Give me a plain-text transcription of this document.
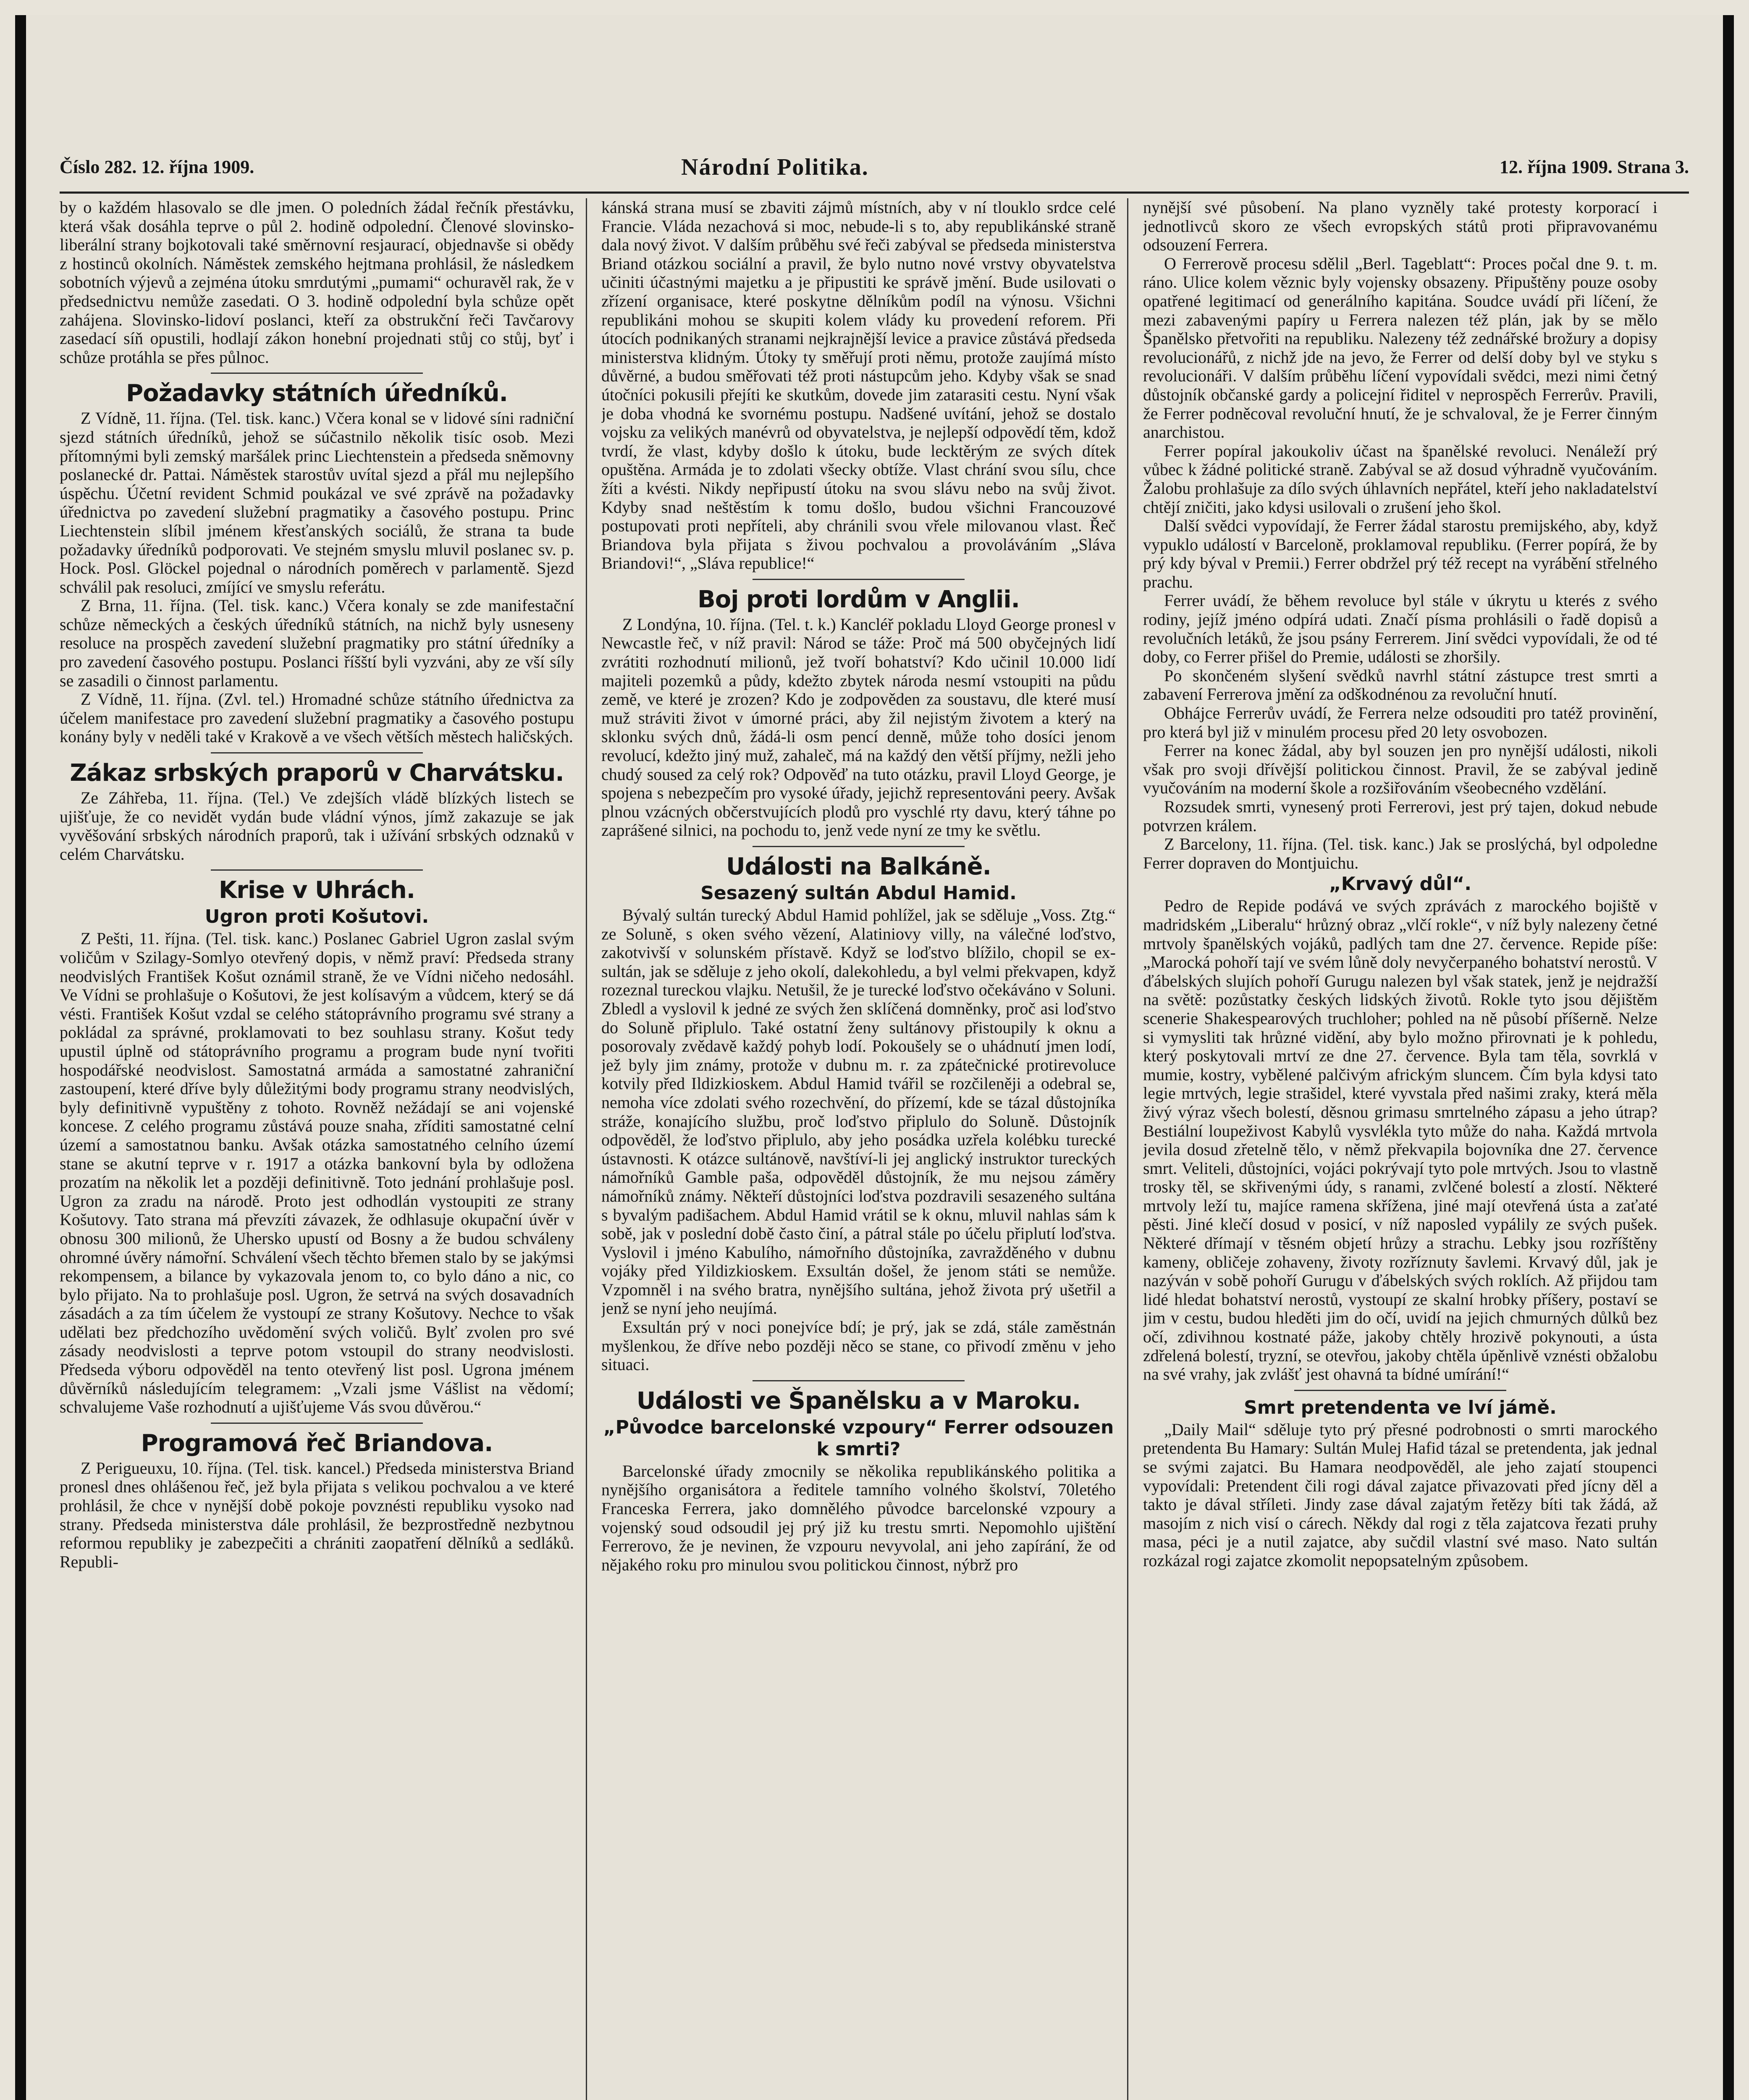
Číslo 282. 12. října 1909.	Národní Politika.	12. října 1909. Strana 3.

by o každém hlasovalo se dle jmen. O poledních žádal řečník přestávku, která však dosáhla teprve o půl 2. hodině odpolední. Členové slovinsko-liberální strany bojkotovali také směrnovní resjaurací, objednavše si obědy z hostinců okolních. Náměstek zemského hejtmana prohlásil, že následkem sobotních výjevů a zejména útoku smrdutými „pumami“ ochuravěl rak, že v předsednictvu nemůže zasedati. O 3. hodině odpolední byla schůze opět zahájena. Slovinsko-lidoví poslanci, kteří za obstrukční řeči Tavčarovy zasedací síň opustili, hodlají zákon honební projednati stůj co stůj, byť i schůze protáhla se přes půlnoc.

Požadavky státních úředníků.

Z Vídně, 11. října. (Tel. tisk. kanc.) Včera konal se v lidové síni radniční sjezd státních úředníků, jehož se súčastnilo několik tisíc osob. Mezi přítomnými byli zemský maršálek princ Liechtenstein a předseda sněmovny poslanecké dr. Pattai. Náměstek starostův uvítal sjezd a přál mu nejlepšího úspěchu. Účetní revident Schmid poukázal ve své zprávě na požadavky úřednictva po zavedení služební pragmatiky a časového postupu. Princ Liechtenstein slíbil jménem křesťanských sociálů, že strana ta bude požadavky úředníků podporovati. Ve stejném smyslu mluvil poslanec sv. p. Hock. Posl. Glöckel pojednal o národních poměrech v parlamentě. Sjezd schválil pak resoluci, zmíjící ve smyslu referátu.

Z Brna, 11. října. (Tel. tisk. kanc.) Včera konaly se zde manifestační schůze německých a českých úředníků státních, na nichž byly usneseny resoluce na prospěch zavedení služební pragmatiky pro státní úředníky a pro zavedení časového postupu. Poslanci říšští byli vyzváni, aby ze vší síly se zasadili o činnost parlamentu.

Z Vídně, 11. října. (Zvl. tel.) Hromadné schůze státního úřednictva za účelem manifestace pro zavedení služební pragmatiky a časového postupu konány byly v neděli také v Krakově a ve všech větších městech haličských.

Zákaz srbských praporů v Charvátsku.

Ze Záhřeba, 11. října. (Tel.) Ve zdejších vládě blízkých listech se ujišťuje, že co nevidět vydán bude vládní výnos, jímž zakazuje se jak vyvěšování srbských národních praporů, tak i užívání srbských odznaků v celém Charvátsku.

Krise v Uhrách.
Ugron proti Košutovi.

Z Pešti, 11. října. (Tel. tisk. kanc.) Poslanec Gabriel Ugron zaslal svým voličům v Szilagy-Somlyo otevřený dopis, v němž praví: Předseda strany neodvislých František Košut oznámil straně, že ve Vídni ničeho nedosáhl. Ve Vídni se prohlašuje o Košutovi, že jest kolísavým a vůdcem, který se dá vésti. František Košut vzdal se celého státoprávního programu své strany a pokládal za správné, proklamovati to bez souhlasu strany. Košut tedy upustil úplně od státoprávního programu a program bude nyní tvořiti hospodářské neodvislost. Samostatná armáda a samostatné zahraniční zastoupení, které dříve byly důležitými body programu strany neodvislých, byly definitivně vypuštěny z tohoto. Rovněž nežádají se ani vojenské koncese. Z celého programu zůstává pouze snaha, zříditi samostatné celní území a samostatnou banku. Avšak otázka samostatného celního území stane se akutní teprve v r. 1917 a otázka bankovní byla by odložena prozatím na několik let a později definitivně. Toto jednání prohlašuje posl. Ugron za zradu na národě. Proto jest odhodlán vystoupiti ze strany Košutovy. Tato strana má převzíti závazek, že odhlasuje okupační úvěr v obnosu 300 milionů, že Uhersko upustí od Bosny a že budou schváleny ohromné úvěry námořní. Schválení všech těchto břemen stalo by se jakýmsi rekompensem, a bilance by vykazovala jenom to, co bylo dáno a nic, co bylo přijato. Na to prohlašuje posl. Ugron, že setrvá na svých dosavadních zásadách a za tím účelem že vystoupí ze strany Košutovy. Nechce to však udělati bez předchozího uvědomění svých voličů. Bylť zvolen pro své zásady neodvislosti a teprve potom vstoupil do strany neodvislosti. Předseda výboru odpověděl na tento otevřený list posl. Ugrona jménem důvěrníků následujícím telegramem: „Vzali jsme Vášlist na vědomí; schvalujeme Vaše rozhodnutí a ujišťujeme Vás svou důvěrou.“

Programová řeč Briandova.

Z Perigueuxu, 10. října. (Tel. tisk. kancel.) Předseda ministerstva Briand pronesl dnes ohlášenou řeč, jež byla přijata s velikou pochvalou a ve které prohlásil, že chce v nynější době pokoje povznésti republiku vysoko nad strany. Předseda ministerstva dále prohlásil, že bezprostředně nezbytnou reformou republiky je zabezpečiti a chrániti zaopatření dělníků a sedláků. Republi-

kánská strana musí se zbaviti zájmů místních, aby v ní tlouklo srdce celé Francie. Vláda nezachová si moc, nebude-li s to, aby republikánské straně dala nový život. V dalším průběhu své řeči zabýval se předseda ministerstva Briand otázkou sociální a pravil, že bylo nutno nové vrstvy obyvatelstva učiniti účastnými majetku a je připustiti ke správě jmění. Bude usilovati o zřízení organisace, které poskytne dělníkům podíl na výnosu. Všichni republikáni mohou se skupiti kolem vlády ku provedení reforem. Při útocích podnikaných stranami nejkrajnější levice a pravice zůstává předseda ministerstva klidným. Útoky ty směřují proti němu, protože zaujímá místo důvěrné, a budou směřovati též proti nástupcům jeho. Kdyby však se snad útočníci pokusili přejíti ke skutkům, dovede jim zatarasiti cestu. Nyní však je doba vhodná ke svornému postupu. Nadšené uvítání, jehož se dostalo vojsku za velikých manévrů od obyvatelstva, je nejlepší odpovědí těm, kdož tvrdí, že vlast, kdyby došlo k útoku, bude lecktěrým ze svých dítek opuštěna. Armáda je to zdolati všecky obtíže. Vlast chrání svou sílu, chce žíti a kvésti. Nikdy nepřipustí útoku na svou slávu nebo na svůj život. Kdyby snad neštěstím k tomu došlo, budou všichni Francouzové postupovati proti nepříteli, aby chránili svou vřele milovanou vlast. Řeč Briandova byla přijata s živou pochvalou a provoláváním „Sláva Briandovi!“, „Sláva republice!“

Boj proti lordům v Anglii.

Z Londýna, 10. října. (Tel. t. k.) Kancléř pokladu Lloyd George pronesl v Newcastle řeč, v níž pravil: Národ se táže: Proč má 500 obyčejných lidí zvrátiti rozhodnutí milionů, jež tvoří bohatství? Kdo učinil 10.000 lidí majiteli pozemků a půdy, kdežto zbytek národa nesmí vstoupiti na půdu země, ve které je zrozen? Kdo je zodpověden za soustavu, dle které musí muž stráviti život v úmorné práci, aby žil nejistým životem a který na sklonku svých dnů, žádá-li osm pencí denně, může toho dosíci jenom revolucí, kdežto jiný muž, zahaleč, má na každý den větší příjmy, nežli jeho chudý soused za celý rok? Odpověď na tuto otázku, pravil Lloyd George, je spojena s nebezpečím pro vysoké úřady, jejichž representováni peery. Avšak plnou vzácných občerstvujících plodů pro vyschlé rty davu, který táhne po zaprášené silnici, na pochodu to, jenž vede nyní ze tmy ke světlu.

Události na Balkáně.
Sesazený sultán Abdul Hamid.

Bývalý sultán turecký Abdul Hamid pohlížel, jak se sděluje „Voss. Ztg.“ ze Soluně, s oken svého vězení, Alatiniovy villy, na válečné loďstvo, zakotvivší v solunském přístavě. Když se loďstvo blížilo, chopil se ex-sultán, jak se sděluje z jeho okolí, dalekohledu, a byl velmi překvapen, když rozeznal tureckou vlajku. Netušil, že je turecké loďstvo očekáváno v Soluni. Zbledl a vyslovil k jedné ze svých žen sklíčená domněnky, proč asi loďstvo do Soluně připlulo. Také ostatní ženy sultánovy přistoupily k oknu a posorovaly zvědavě každý pohyb lodí. Pokoušely se o uhádnutí jmen lodí, jež byly jim známy, protože v dubnu m. r. za zpátečnické protirevoluce kotvily před Ildizkioskem. Abdul Hamid tvářil se rozčileněji a odebral se, nemoha více zdolati svého rozechvění, do přízemí, kde se tázal důstojníka stráže, konajícího službu, proč loďstvo připlulo do Soluně. Důstojník odpověděl, že loďstvo připlulo, aby jeho posádka uzřela kolébku turecké ústavnosti. K otázce sultánově, navštíví-li jej anglický instruktor tureckých námořníků Gamble paša, odpověděl důstojník, že mu nejsou záměry námořníků známy. Někteří důstojníci loďstva pozdravili sesazeného sultána s byvalým padišachem. Abdul Hamid vrátil se k oknu, mluvil nahlas sám k sobě, jak v poslední době často činí, a pátral stále po účelu připlutí loďstva. Vyslovil i jméno Kabulího, námořního důstojníka, zavražděného v dubnu vojáky před Yildizkioskem. Exsultán došel, že jenom státi se nemůže. Vzpomněl i na svého bratra, nynějšího sultána, jehož života prý ušetřil a jenž se nyní jeho neujímá.

Exsultán prý v noci ponejvíce bdí; je prý, jak se zdá, stále zaměstnán myšlenkou, že dříve nebo později něco se stane, co přivodí změnu v jeho situaci.

Události ve Španělsku a v Maroku.
„Původce barcelonské vzpoury“ Ferrer odsouzen k smrti?

Barcelonské úřady zmocnily se několika republikánského politika a nynějšího organisátora a ředitele tamního volného školství, 70letého Franceska Ferrera, jako domnělého původce barcelonské vzpoury a vojenský soud odsoudil jej prý již ku trestu smrti. Nepomohlo ujištění Ferrerovo, že je nevinen, že vzpouru nevyvolal, ani jeho zapírání, že od nějakého roku pro minulou svou politickou činnost, nýbrž pro

nynější své působení. Na plano vyzněly také protesty korporací i jednotlivců skoro ze všech evropských států proti připravovanému odsouzení Ferrera.

O Ferrerově procesu sdělil „Berl. Tageblatt“: Proces počal dne 9. t. m. ráno. Ulice kolem věznic byly vojensky obsazeny. Připuštěny pouze osoby opatřené legitimací od generálního kapitána. Soudce uvádí při líčení, že mezi zabavenými papíry u Ferrera nalezen též plán, jak by se mělo Španělsko přetvořiti na republiku. Nalezeny též zednářské brožury a dopisy revolucionářů, z nichž jde na jevo, že Ferrer od delší doby byl ve styku s revolucionáři. V dalším průběhu líčení vypovídali svědci, mezi nimi četný důstojník občanské gardy a policejní řiditel v neprospěch Ferrerův. Pravili, že Ferrer podněcoval revoluční hnutí, že je schvaloval, že je Ferrer činným anarchistou.

Ferrer popíral jakoukoliv účast na španělské revoluci. Nenáleží prý vůbec k žádné politické straně. Zabýval se až dosud výhradně vyučováním. Žalobu prohlašuje za dílo svých úhlavních nepřátel, kteří jeho nakladatelství chtějí zničiti, jako kdysi usilovali o zrušení jeho škol.

Další svědci vypovídají, že Ferrer žádal starostu premijského, aby, když vypuklo událostí v Barceloně, proklamoval republiku. (Ferrer popírá, že by prý kdy býval v Premii.) Ferrer obdržel prý též recept na vyrábění střelného prachu.

Ferrer uvádí, že během revoluce byl stále v úkrytu u kterés z svého rodiny, jejíž jméno odpírá udati. Značí písma prohlásili o řadě dopisů a revolučních letáků, že jsou psány Ferrerem. Jiní svědci vypovídali, že od té doby, co Ferrer přišel do Premie, události se zhoršily.

Po skončeném slyšení svědků navrhl státní zástupce trest smrti a zabavení Ferrerova jmění za odškodnénou za revoluční hnutí.

Obhájce Ferrerův uvádí, že Ferrera nelze odsouditi pro tatéž provinění, pro která byl již v minulém procesu před 20 lety osvobozen.

Ferrer na konec žádal, aby byl souzen jen pro nynější události, nikoli však pro svoji dřívější politickou činnost. Pravil, že se zabýval jedině vyučováním na moderní škole a rozšiřováním všeobecného vzdělání.

Rozsudek smrti, vynesený proti Ferrerovi, jest prý tajen, dokud nebude potvrzen králem.

Z Barcelony, 11. října. (Tel. tisk. kanc.) Jak se proslýchá, byl odpoledne Ferrer dopraven do Montjuichu.

„Krvavý důl“.

Pedro de Repide podává ve svých zprávách z marockého bojiště v madridském „Liberalu“ hrůzný obraz „vlčí rokle“, v níž byly nalezeny četné mrtvoly španělských vojáků, padlých tam dne 27. července. Repide píše: „Marocká pohoří tají ve svém lůně doly nevyčerpaného bohatství nerostů. V ďábelských slujích pohoří Gurugu nalezen byl však statek, jenž je nejdražší na světě: pozůstatky českých lidských životů. Rokle tyto jsou dějištěm scenerie Shakespearových truchloher; pohled na ně působí příšerně. Nelze si vymysliti tak hrůzné vidění, aby bylo možno přirovnati je k pohledu, který poskytovali mrtví ze dne 27. července. Byla tam těla, sovrklá v mumie, kostry, vybělené palčivým africkým sluncem. Čím byla kdysi tato legie mrtvých, legie strašidel, které vyvstala před našimi zraky, která měla živý výraz všech bolestí, děsnou grimasu smrtelného zápasu a jeho útrap? Bestiální loupeživost Kabylů vysvlékla tyto může do naha. Každá mrtvola jevila dosud zřetelně tělo, v němž překvapila bojovníka dne 27. července smrt. Veliteli, důstojníci, vojáci pokrývají tyto pole mrtvých. Jsou to vlastně trosky těl, se skřivenými údy, s ranami, zvlčené bolestí a zlostí. Některé mrtvoly leží tu, majíce ramena skřížena, jiné mají otevřená ústa a zaťaté pěsti. Jiné klečí dosud v posicí, v níž naposled vypálily ze svých pušek. Některé dřímají v těsném objetí hrůzy a strachu. Lebky jsou rozříštěny kameny, obličeje zohaveny, životy rozříznuty šavlemi. Krvavý důl, jak je nazýván v sobě pohoří Gurugu v ďábelských svých roklích. Až přijdou tam lidé hledat bohatství nerostů, vystoupí ze skalní hrobky příšery, postaví se jim v cestu, budou hleděti jim do očí, uvidí na jejich chmurných důlků bez očí, zdivihnou kostnaté páže, jakoby chtěly hrozivě pokynouti, a ústa zdřelená bolestí, tryzní, se otevřou, jakoby chtěla úpěnlivě vznésti obžalobu na své vrahy, jak zvlášť jest ohavná ta bídné umírání!“

Smrt pretendenta ve lví jámě.

„Daily Mail“ sděluje tyto prý přesné podrobnosti o smrti marockého pretendenta Bu Hamary: Sultán Mulej Hafid tázal se pretendenta, jak jednal se svými zajatci. Bu Hamara neodpověděl, ale jeho zajatí stoupenci vypovídali: Pretendent čili rogi dával zajatce přivazovati před jícny děl a takto je dával stříleti. Jindy zase dával zajatým řetězy bíti tak žádá, až masojím z nich visí o cárech. Někdy dal rogi z těla zajatcova řezati pruhy masa, péci je a nutil zajatce, aby sučdil vlastní své maso. Nato sultán rozkázal rogi zajatce zkomolit nepopsatelným způsobem.
